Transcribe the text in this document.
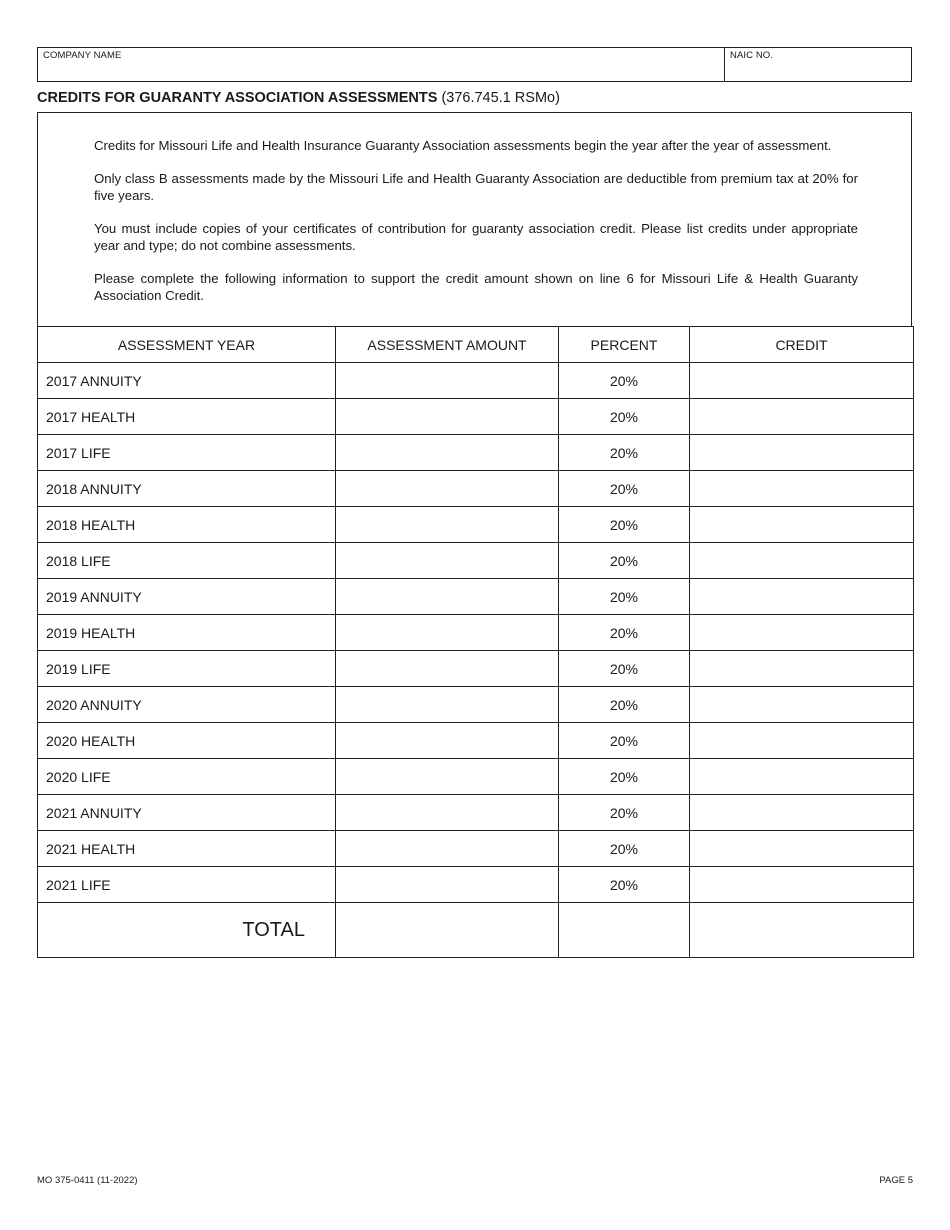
COMPANY NAME	NAIC NO.
CREDITS FOR GUARANTY ASSOCIATION ASSESSMENTS (376.745.1 RSMo)

Credits for Missouri Life and Health Insurance Guaranty Association assessments begin the year after the year of assessment.

Only class B assessments made by the Missouri Life and Health Guaranty Association are deductible from premium tax at 20% for five years.

You must include copies of your certificates of contribution for guaranty association credit. Please list credits under appropriate year and type; do not combine assessments.

Please complete the following information to support the credit amount shown on line 6 for Missouri Life & Health Guaranty Association Credit.

ASSESSMENT YEAR	ASSESSMENT AMOUNT	PERCENT	CREDIT
2017 ANNUITY		20%	
2017 HEALTH		20%	
2017 LIFE		20%	
2018 ANNUITY		20%	
2018 HEALTH		20%	
2018 LIFE		20%	
2019 ANNUITY		20%	
2019 HEALTH		20%	
2019 LIFE		20%	
2020 ANNUITY		20%	
2020 HEALTH		20%	
2020 LIFE		20%	
2021 ANNUITY		20%	
2021 HEALTH		20%	
2021 LIFE		20%	
TOTAL			
MO 375-0411 (11-2022)	PAGE 5
